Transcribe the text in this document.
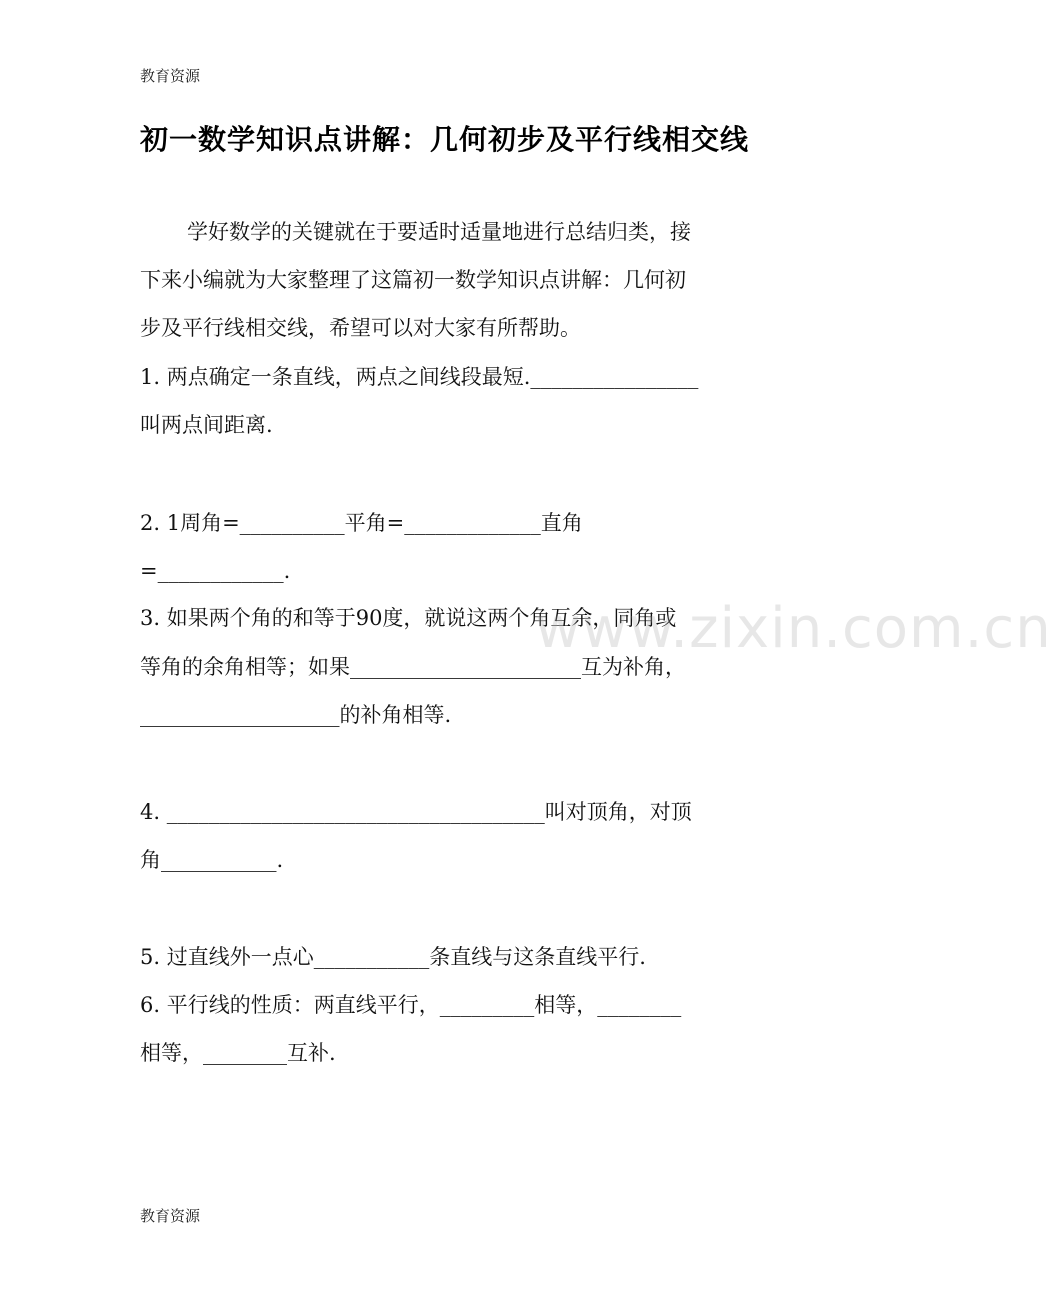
教育资源
初一数学知识点讲解：几何初步及平行线相交线
学好数学的关键就在于要适时适量地进行总结归类，接
下来小编就为大家整理了这篇初一数学知识点讲解：几何初
步及平行线相交线，希望可以对大家有所帮助。
1. 两点确定一条直线，两点之间线段最短.________________
叫两点间距离.
2. 1周角=__________平角=_____________直角
=____________.
3. 如果两个角的和等于90度，就说这两个角互余，同角或
等角的余角相等；如果______________________互为补角，
___________________的补角相等.
4. ____________________________________叫对顶角，对顶
角___________.
5. 过直线外一点心___________条直线与这条直线平行.
6. 平行线的性质：两直线平行，_________相等，________
相等，________互补.
www.zixin.com.cn
教育资源
